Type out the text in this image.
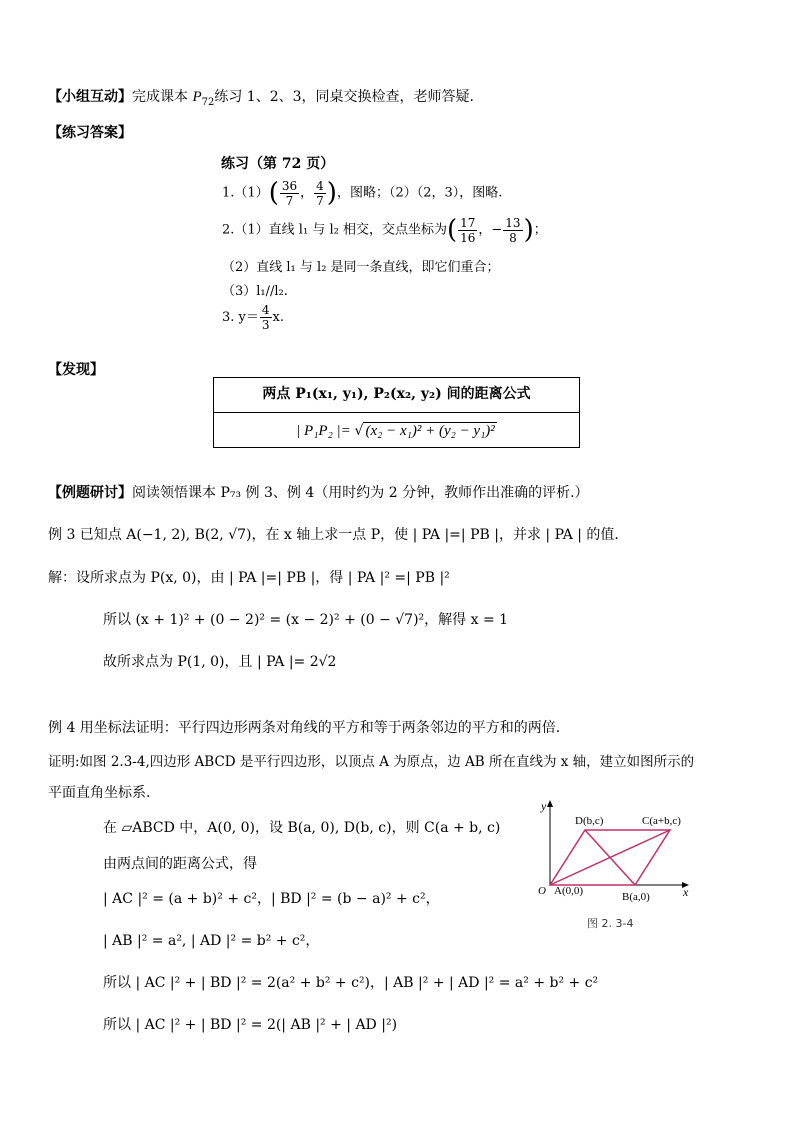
【小组互动】完成课本 $P_{72}$练习 1、2、3，同桌交换检查，老师答疑.
【练习答案】
练习（第 72 页）
$1.(1)( \frac{36}{7}$ ， $\frac{4}{7}$ )，图略；（2）（2，3），图略.
2.（1）直线 l₁ 与 l₂ 相交，交点坐标为( $\frac{17}{16}$ ，− $\frac{13}{8}$ )；
（2）直线 l₁ 与 l₂ 是同一条直线，即它们重合；
（3）l₁//l₂.
3. $y= \frac{4}{3} x$.
【发现】
两点 P₁(x₁, y₁), P₂(x₂, y₂) 间的距离公式
| P₁P₂ |= √ (x₂ − x₁)² + (y₂ − y₁)²
【例题研讨】阅读领悟课本 P₇₃ 例 3、例 4（用时约为 2 分钟，教师作出准确的评析.）
例 3 已知点 A(−1, 2), B(2, √7)，在 x 轴上求一点 P，使 | PA |=| PB |，并求 | PA | 的值.
解：设所求点为 P(x, 0)，由 | PA |=| PB |，得 | PA |² =| PB |²
所以 (x + 1)² + (0 − 2)² = (x − 2)² + (0 − √7)²，解得 x = 1
故所求点为 P(1, 0)，且 | PA |= 2√2
例 4 用坐标法证明：平行四边形两条对角线的平方和等于两条邻边的平方和的两倍.
证明:如图 2.3-4,四边形 ABCD 是平行四边形，以顶点 A 为原点，边 AB 所在直线为 x 轴，建立如图所示的
平面直角坐标系.
在 ▱ABCD 中，A(0, 0)，设 B(a, 0), D(b, c)，则 C(a + b, c)
由两点间的距离公式，得
| AC |² = (a + b)² + c²，| BD |² = (b − a)² + c²，
| AB |² = a², | AD |² = b² + c²，
所以 | AC |² + | BD |² = 2(a² + b² + c²)，| AB |² + | AD |² = a² + b² + c²
所以 | AC |² + | BD |² = 2(| AB |² + | AD |²)
y
x
D(b,c)	C(a+b,c)
O A(0,0)	B(a,0)
图 2. 3-4
